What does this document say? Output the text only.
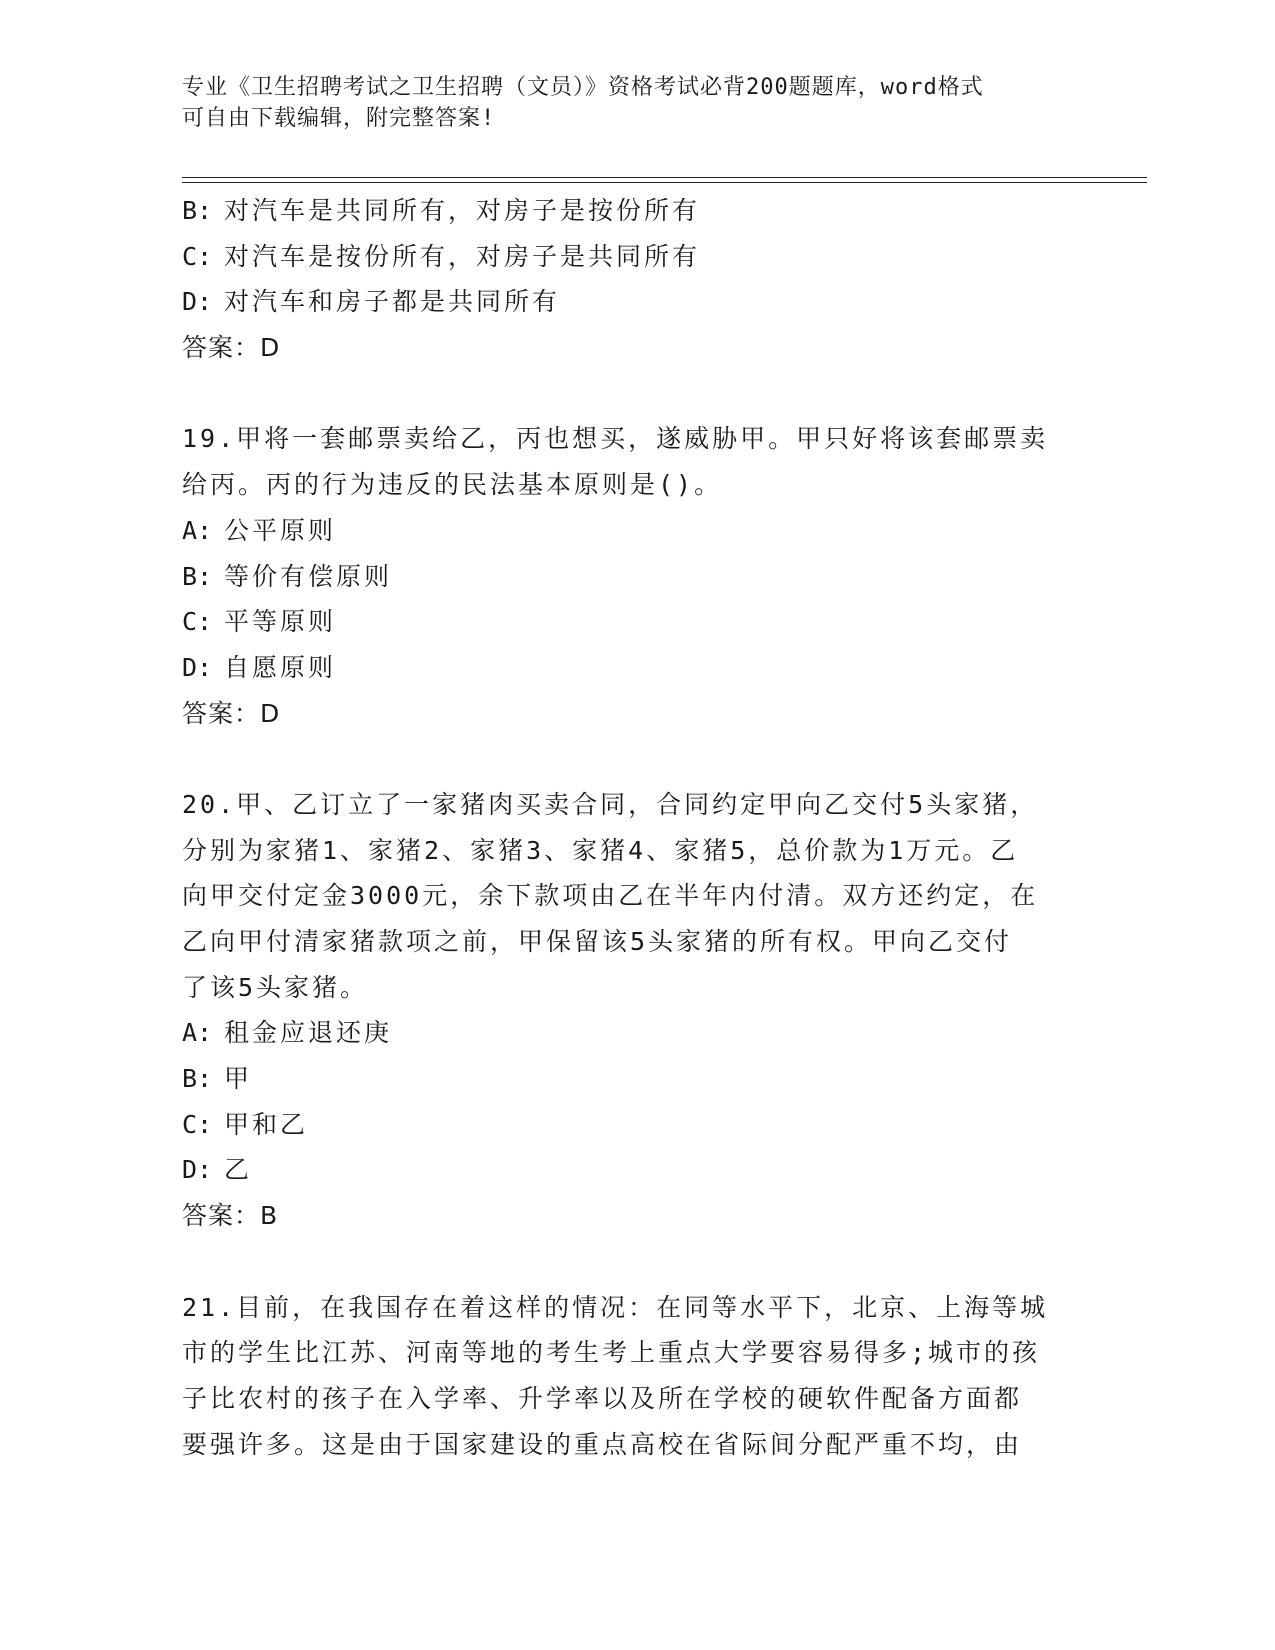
专业《卫生招聘考试之卫生招聘（文员）》资格考试必背200题题库，word格式
可自由下载编辑，附完整答案!
B: 对汽车是共同所有，对房子是按份所有
C: 对汽车是按份所有，对房子是共同所有
D: 对汽车和房子都是共同所有
答案：D
19.甲将一套邮票卖给乙，丙也想买，遂威胁甲。甲只好将该套邮票卖
给丙。丙的行为违反的民法基本原则是()。
A: 公平原则
B: 等价有偿原则
C: 平等原则
D: 自愿原则
答案：D
20.甲、乙订立了一家猪肉买卖合同，合同约定甲向乙交付5头家猪，
分别为家猪1、家猪2、家猪3、家猪4、家猪5，总价款为1万元。乙
向甲交付定金3000元，余下款项由乙在半年内付清。双方还约定，在
乙向甲付清家猪款项之前，甲保留该5头家猪的所有权。甲向乙交付
了该5头家猪。
A: 租金应退还庚
B: 甲
C: 甲和乙
D: 乙
答案：B
21.目前，在我国存在着这样的情况：在同等水平下，北京、上海等城
市的学生比江苏、河南等地的考生考上重点大学要容易得多;城市的孩
子比农村的孩子在入学率、升学率以及所在学校的硬软件配备方面都
要强许多。这是由于国家建设的重点高校在省际间分配严重不均，由
